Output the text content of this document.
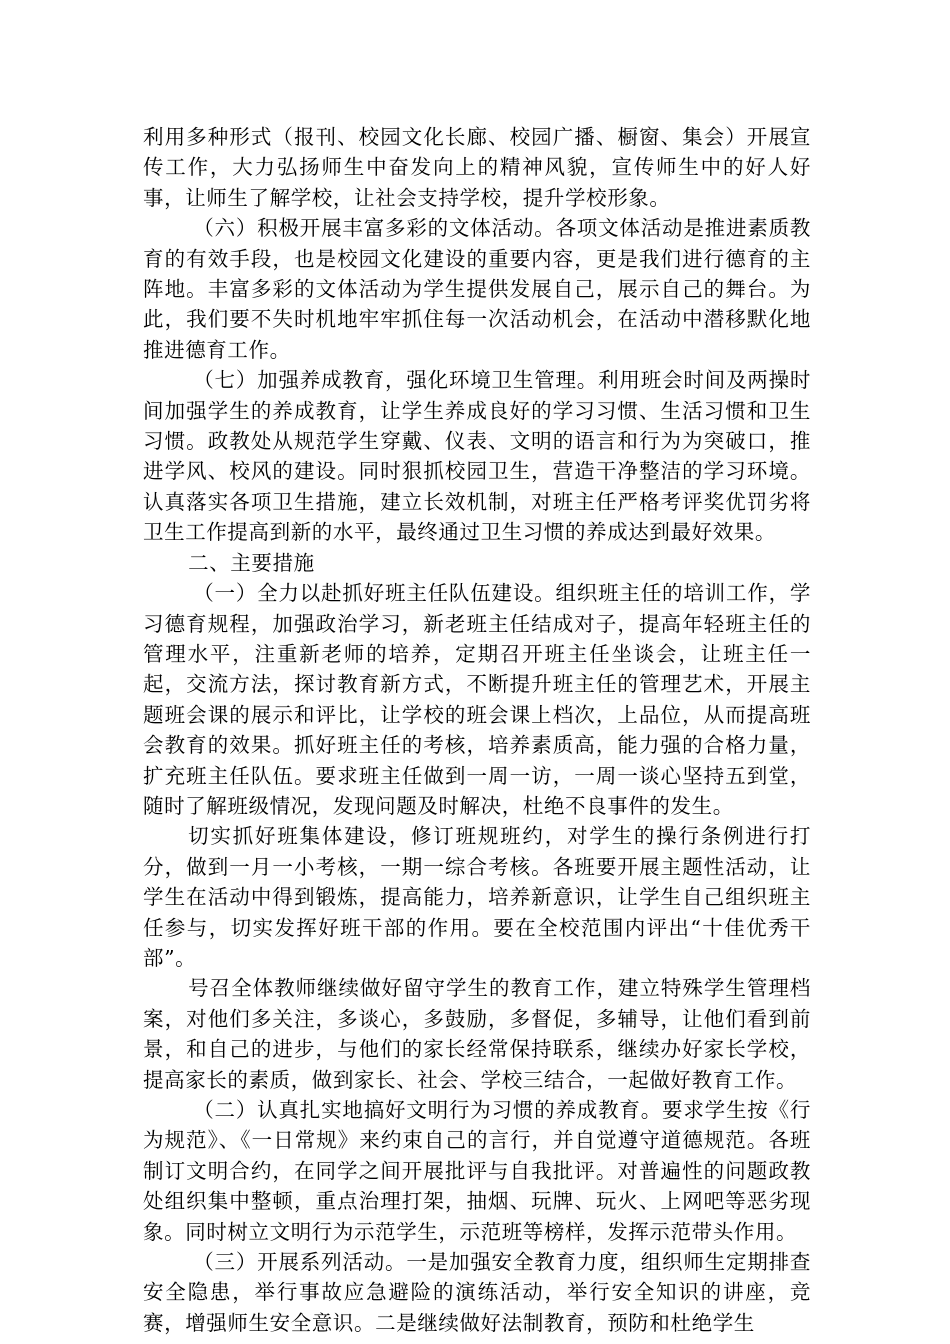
利用多种形式（报刊、校园文化长廊、校园广播、橱窗、集会）开展宣传工作，大力弘扬师生中奋发向上的精神风貌，宣传师生中的好人好事，让师生了解学校，让社会支持学校，提升学校形象。

（六）积极开展丰富多彩的文体活动。各项文体活动是推进素质教育的有效手段，也是校园文化建设的重要内容，更是我们进行德育的主阵地。丰富多彩的文体活动为学生提供发展自己，展示自己的舞台。为此，我们要不失时机地牢牢抓住每一次活动机会，在活动中潜移默化地推进德育工作。

（七）加强养成教育，强化环境卫生管理。利用班会时间及两操时间加强学生的养成教育，让学生养成良好的学习习惯、生活习惯和卫生习惯。政教处从规范学生穿戴、仪表、文明的语言和行为为突破口，推进学风、校风的建设。同时狠抓校园卫生，营造干净整洁的学习环境。认真落实各项卫生措施，建立长效机制，对班主任严格考评奖优罚劣将卫生工作提高到新的水平，最终通过卫生习惯的养成达到最好效果。

二、主要措施

（一）全力以赴抓好班主任队伍建设。组织班主任的培训工作，学习德育规程，加强政治学习，新老班主任结成对子，提高年轻班主任的管理水平，注重新老师的培养，定期召开班主任坐谈会，让班主任一起，交流方法，探讨教育新方式，不断提升班主任的管理艺术，开展主题班会课的展示和评比，让学校的班会课上档次，上品位，从而提高班会教育的效果。抓好班主任的考核，培养素质高，能力强的合格力量，扩充班主任队伍。要求班主任做到一周一访，一周一谈心坚持五到堂，随时了解班级情况，发现问题及时解决，杜绝不良事件的发生。

切实抓好班集体建设，修订班规班约，对学生的操行条例进行打分，做到一月一小考核，一期一综合考核。各班要开展主题性活动，让学生在活动中得到锻炼，提高能力，培养新意识，让学生自己组织班主任参与，切实发挥好班干部的作用。要在全校范围内评出“十佳优秀干部”。

号召全体教师继续做好留守学生的教育工作，建立特殊学生管理档案，对他们多关注，多谈心，多鼓励，多督促，多辅导，让他们看到前景，和自己的进步，与他们的家长经常保持联系，继续办好家长学校，提高家长的素质，做到家长、社会、学校三结合，一起做好教育工作。

（二）认真扎实地搞好文明行为习惯的养成教育。要求学生按《行为规范》、《一日常规》来约束自己的言行，并自觉遵守道德规范。各班制订文明合约，在同学之间开展批评与自我批评。对普遍性的问题政教处组织集中整顿，重点治理打架，抽烟、玩牌、玩火、上网吧等恶劣现象。同时树立文明行为示范学生，示范班等榜样，发挥示范带头作用。

（三）开展系列活动。一是加强安全教育力度，组织师生定期排查安全隐患，举行事故应急避险的演练活动，举行安全知识的讲座，竞赛，增强师生安全意识。二是继续做好法制教育，预防和杜绝学生
